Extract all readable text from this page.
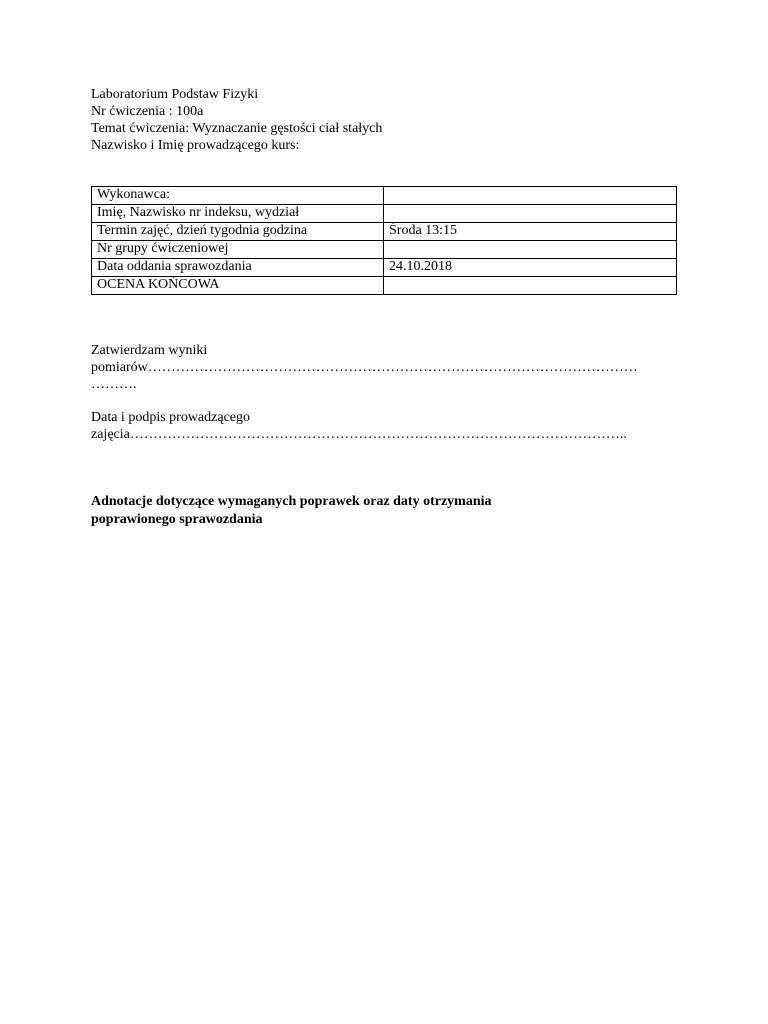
Laboratorium Podstaw Fizyki
Nr ćwiczenia : 100a
Temat ćwiczenia: Wyznaczanie gęstości ciał stałych
Nazwisko i Imię prowadzącego kurs:
Wykonawca:	
Imię, Nazwisko nr indeksu, wydział	
Termin zajęć, dzień tygodnia godzina	Środa 13:15
Nr grupy ćwiczeniowej	
Data oddania sprawozdania	24.10.2018
OCENA KOŃCOWA	
Zatwierdzam wyniki
pomiarów……………………………………………………………………………………………
……….
Data i podpis prowadzącego
zajęcia……………………………………………………………………………………………..
Adnotacje dotyczące wymaganych poprawek oraz daty otrzymania
poprawionego sprawozdania
